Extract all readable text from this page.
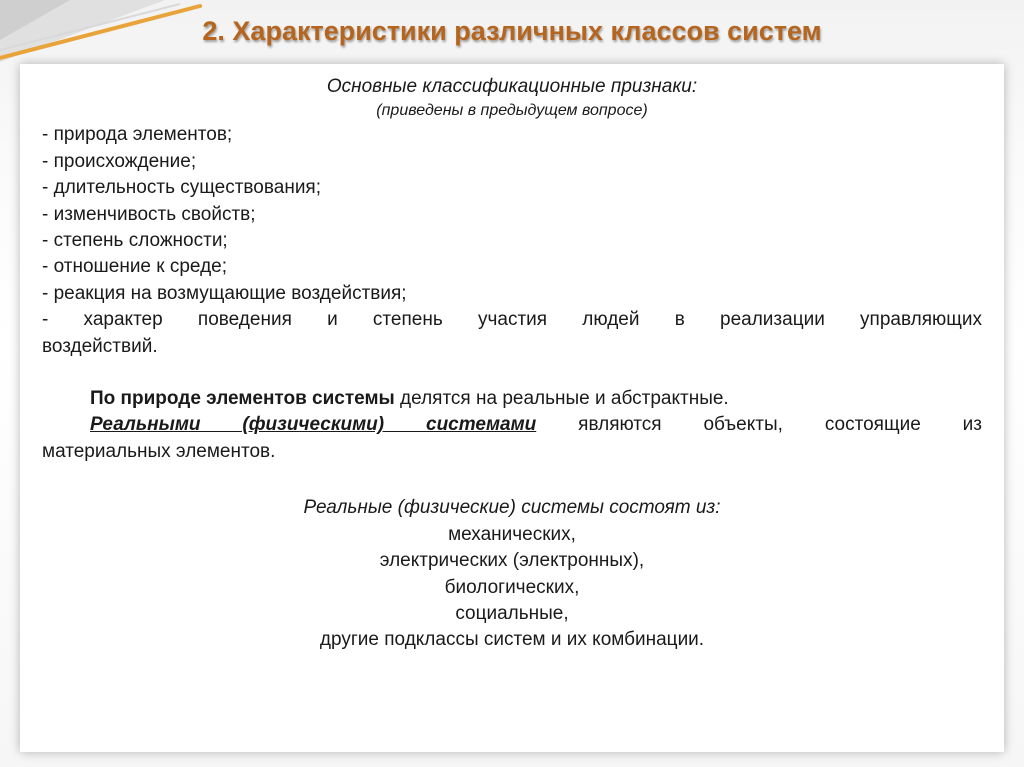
2. Характеристики различных классов систем
Основные классификационные признаки:
(приведены в предыдущем вопросе)
- природа элементов;
- происхождение;
- длительность существования;
- изменчивость свойств;
- степень сложности;
- отношение к среде;
- реакция на возмущающие воздействия;
- характер поведения и степень участия людей в реализации управляющих
воздействий.
По природе элементов системы делятся на реальные и абстрактные.
Реальными (физическими) системами являются объекты, состоящие из
материальных элементов.
Реальные (физические) системы состоят из:
механических,
электрических (электронных),
биологических,
социальные,
другие подклассы систем и их комбинации.
